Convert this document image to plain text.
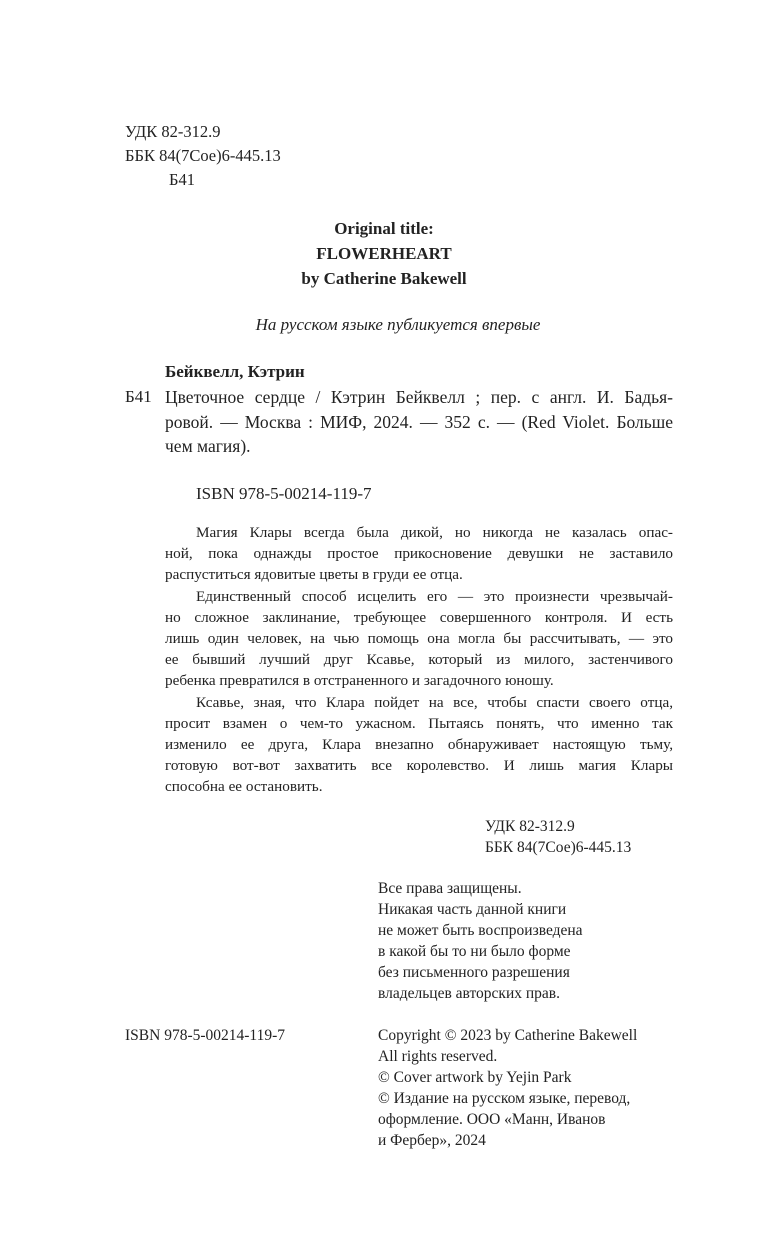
УДК 82-312.9
ББК 84(7Сое)6-445.13
Б41
Original title:
FLOWERHEART
by Catherine Bakewell
На русском языке публикуется впервые
Бейквелл, Кэтрин
Б41 Цветочное сердце / Кэтрин Бейквелл ; пер. с англ. И. Бадья-
ровой. — Москва : МИФ, 2024. — 352 с. — (Red Violet. Больше
чем магия).
ISBN 978-5-00214-119-7
Магия Клары всегда была дикой, но никогда не казалась опас-
ной, пока однажды простое прикосновение девушки не заставило
распуститься ядовитые цветы в груди ее отца.
Единственный способ исцелить его — это произнести чрезвычай-
но сложное заклинание, требующее совершенного контроля. И есть
лишь один человек, на чью помощь она могла бы рассчитывать, — это
ее бывший лучший друг Ксавье, который из милого, застенчивого
ребенка превратился в отстраненного и загадочного юношу.
Ксавье, зная, что Клара пойдет на все, чтобы спасти своего отца,
просит взамен о чем-то ужасном. Пытаясь понять, что именно так
изменило ее друга, Клара внезапно обнаруживает настоящую тьму,
готовую вот-вот захватить все королевство. И лишь магия Клары
способна ее остановить.
УДК 82-312.9
ББК 84(7Сое)6-445.13
Все права защищены.
Никакая часть данной книги
не может быть воспроизведена
в какой бы то ни было форме
без письменного разрешения
владельцев авторских прав.
ISBN 978-5-00214-119-7	Copyright © 2023 by Catherine Bakewell
All rights reserved.
© Cover artwork by Yejin Park
© Издание на русском языке, перевод,
оформление. ООО «Манн, Иванов
и Фербер», 2024
